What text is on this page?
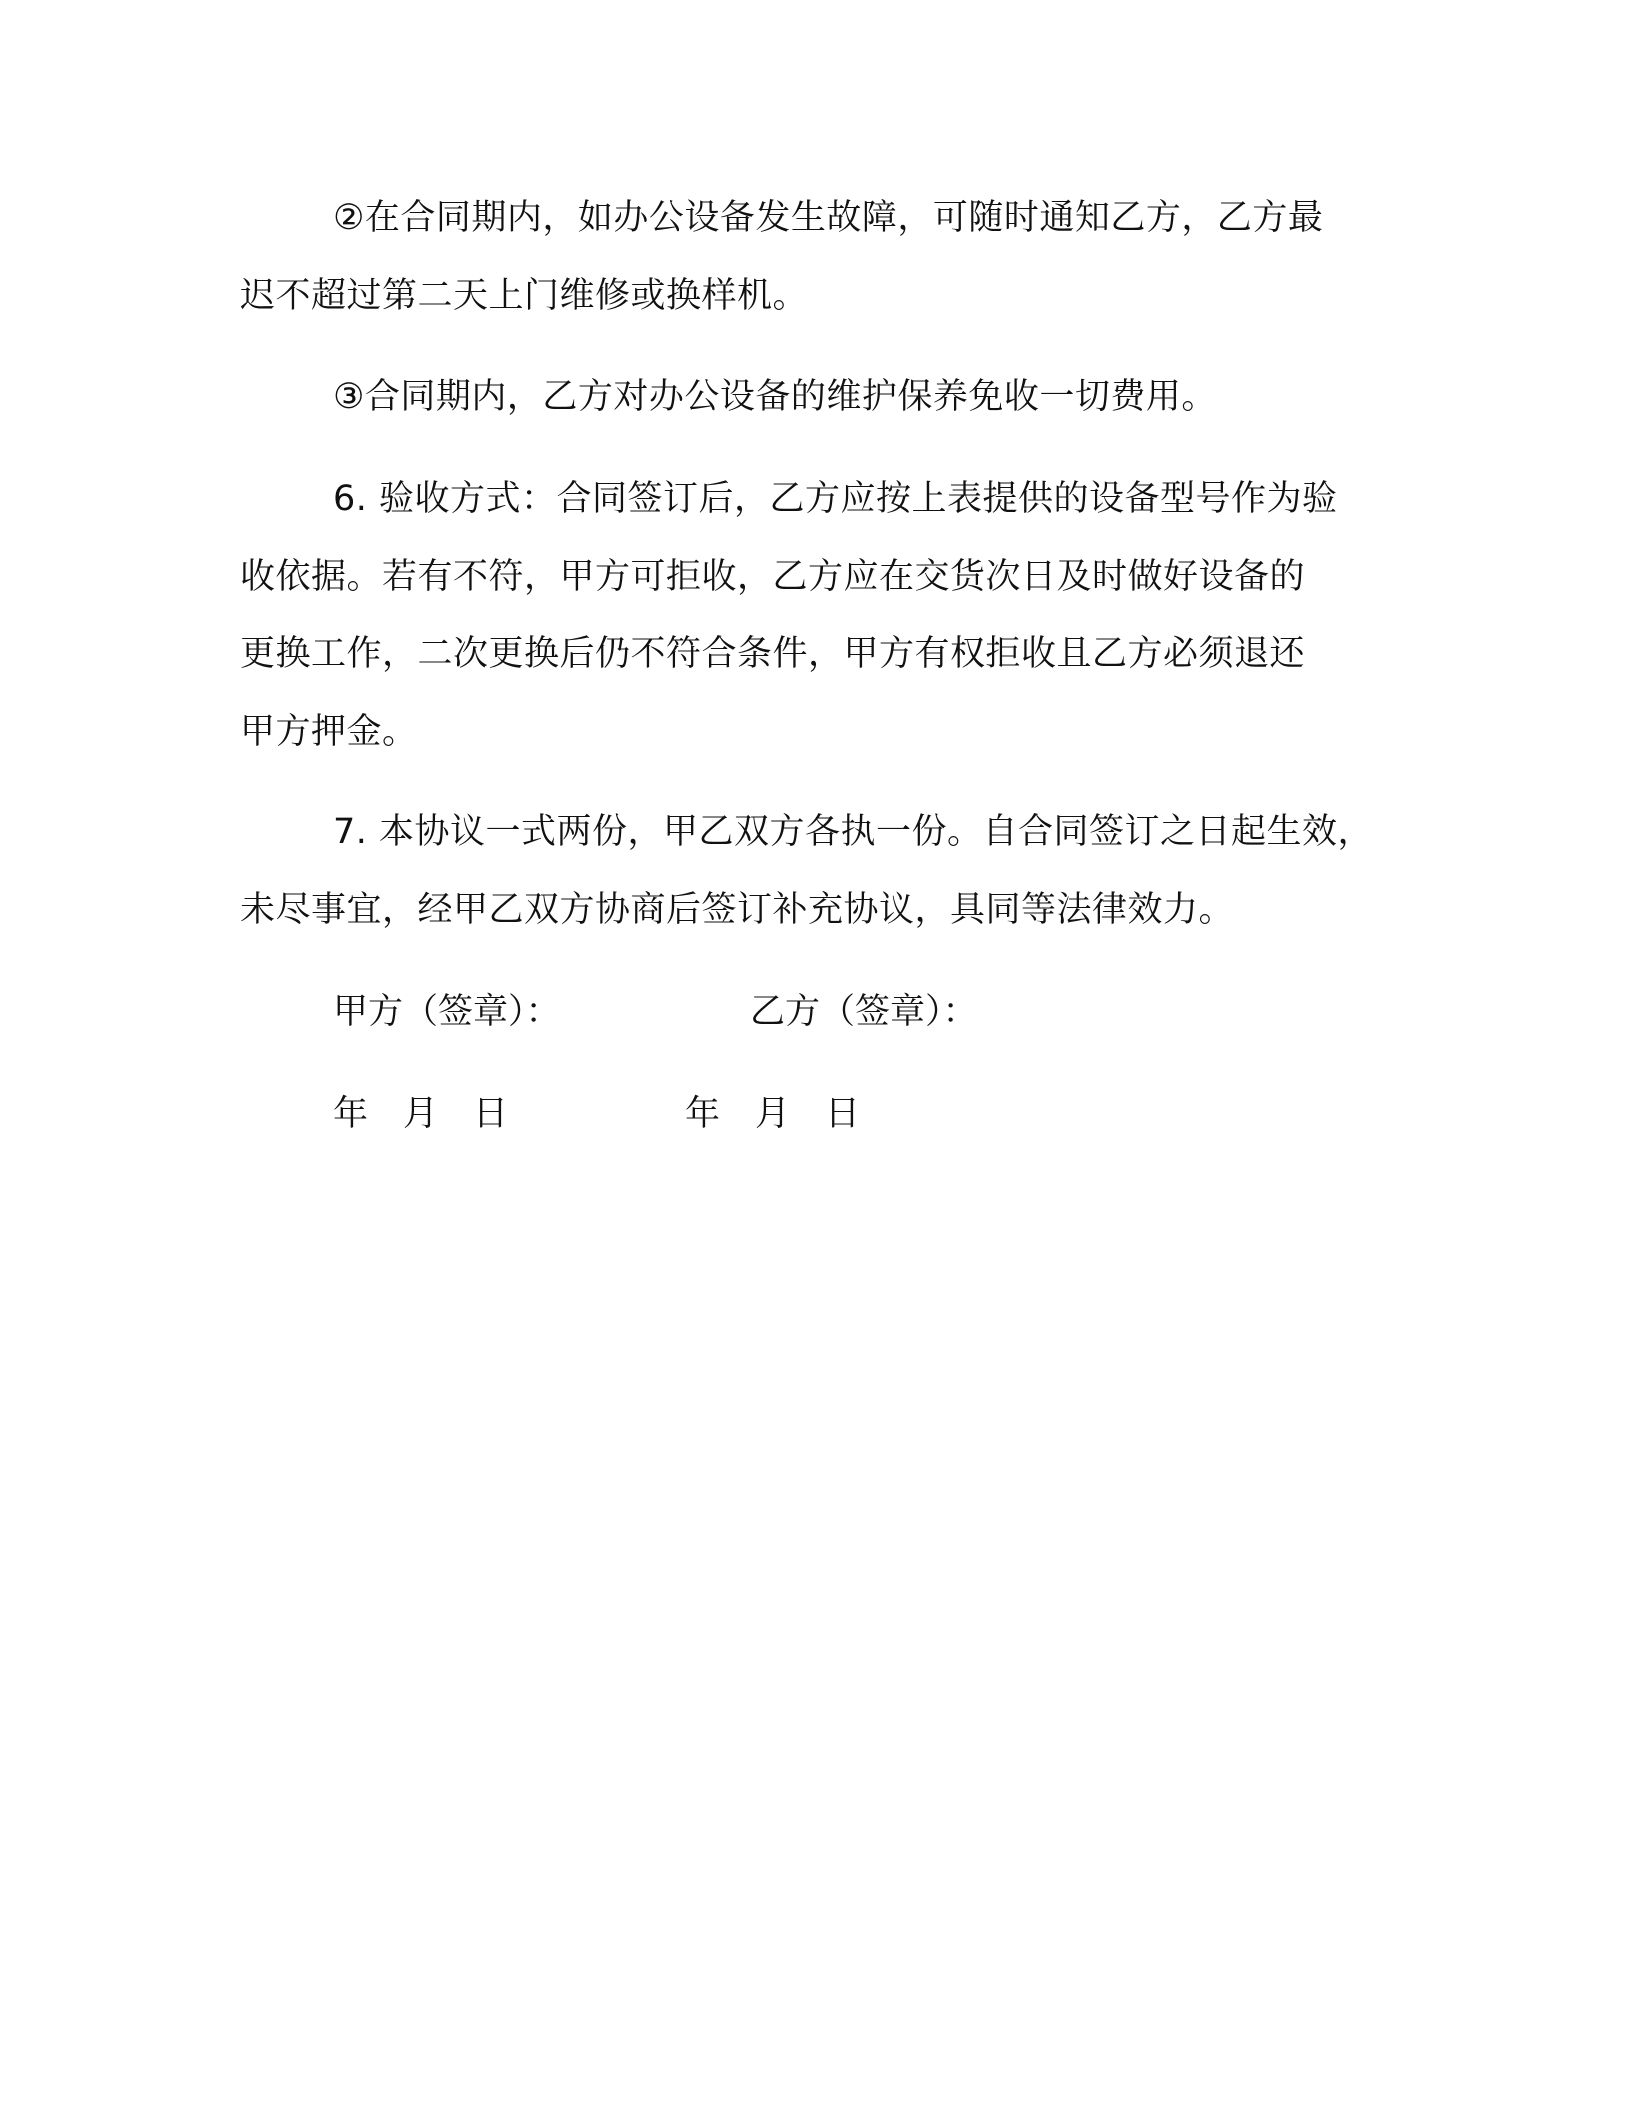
②在合同期内，如办公设备发生故障，可随时通知乙方，乙方最
迟不超过第二天上门维修或换样机。
③合同期内，乙方对办公设备的维护保养免收一切费用。
6. 验收方式：合同签订后，乙方应按上表提供的设备型号作为验
收依据。若有不符，甲方可拒收，乙方应在交货次日及时做好设备的
更换工作，二次更换后仍不符合条件，甲方有权拒收且乙方必须退还
甲方押金。
7. 本协议一式两份，甲乙双方各执一份。自合同签订之日起生效，
未尽事宜，经甲乙双方协商后签订补充协议，具同等法律效力。
甲方（签章）：	乙方（签章）：
年　月　日	年　月　日
